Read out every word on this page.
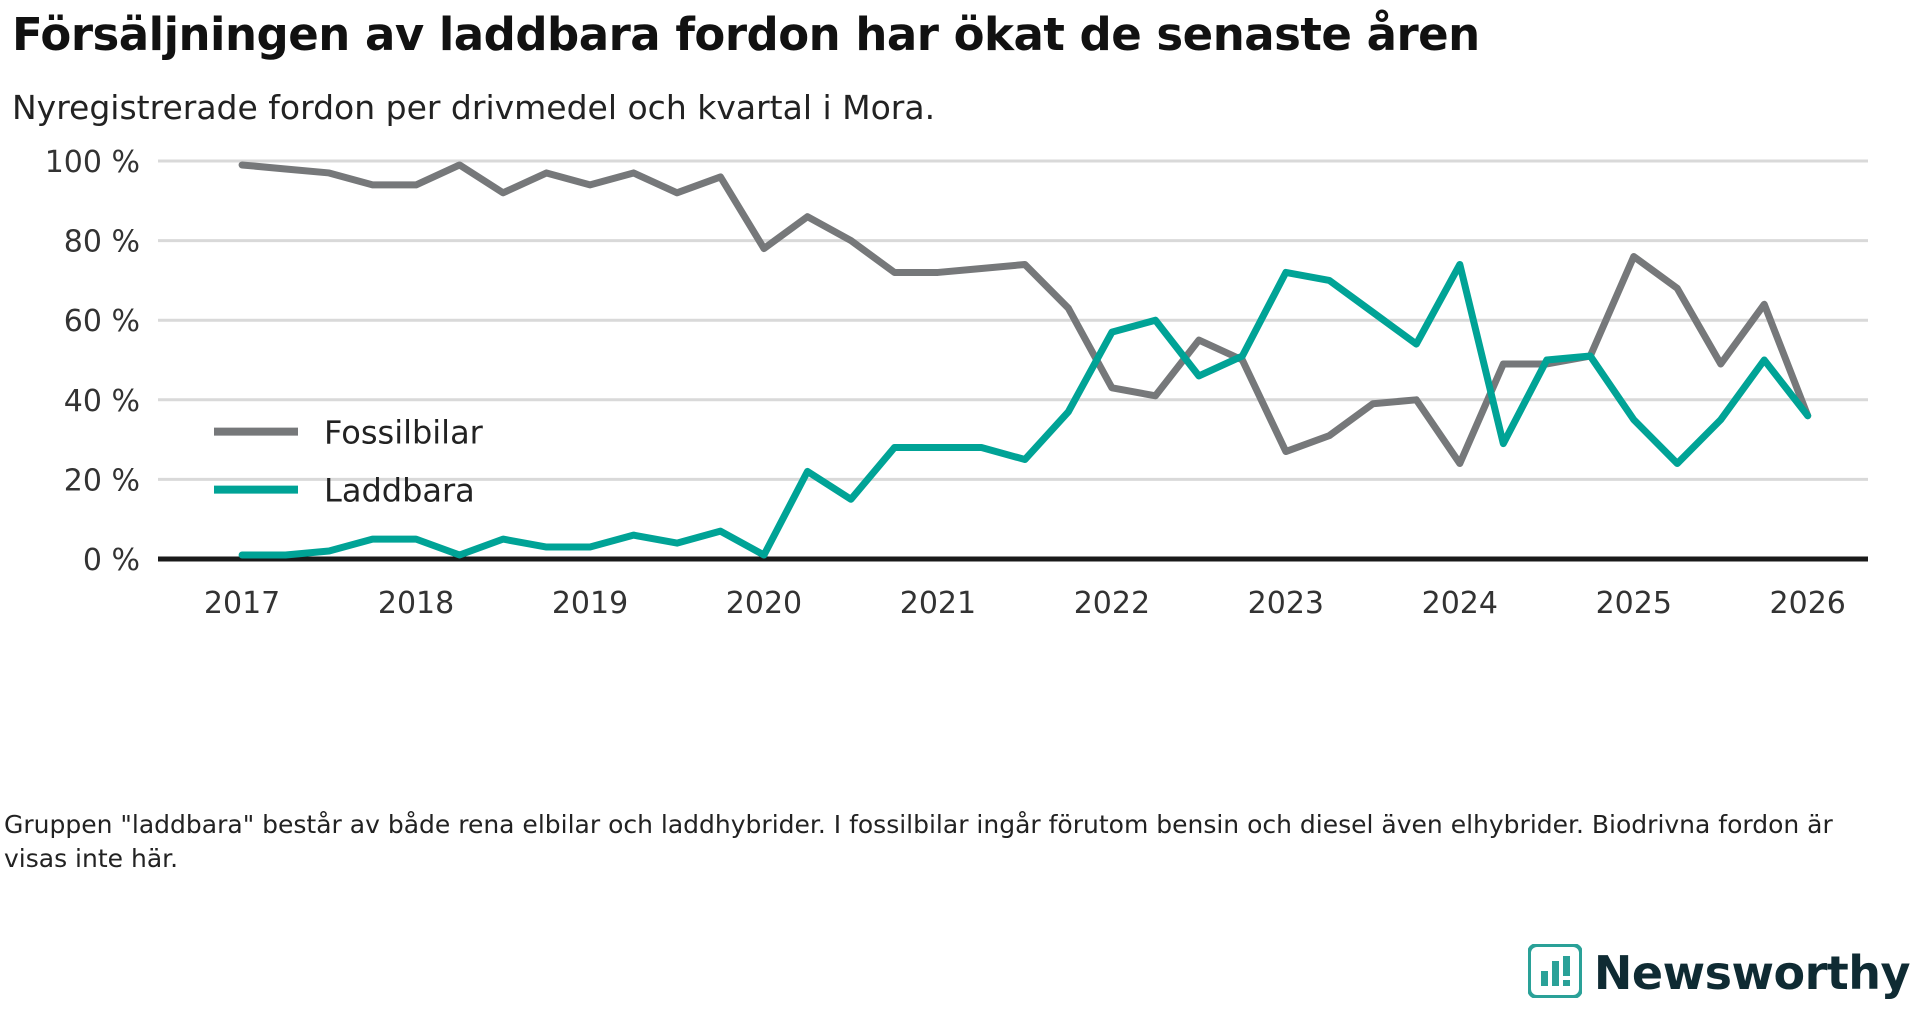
Försäljningen av laddbara fordon har ökat de senaste åren
Nyregistrerade fordon per drivmedel och kvartal i Mora.
0 %
20 %
40 %
60 %
80 %
100 %
2017	2018	2019	2020	2021	2022	2023	2024	2025	2026
Fossilbilar
Laddbara
Gruppen "laddbara" består av både rena elbilar och laddhybrider. I fossilbilar ingår förutom bensin och diesel även elhybrider. Biodrivna fordon är visas inte här.
Newsworthy
